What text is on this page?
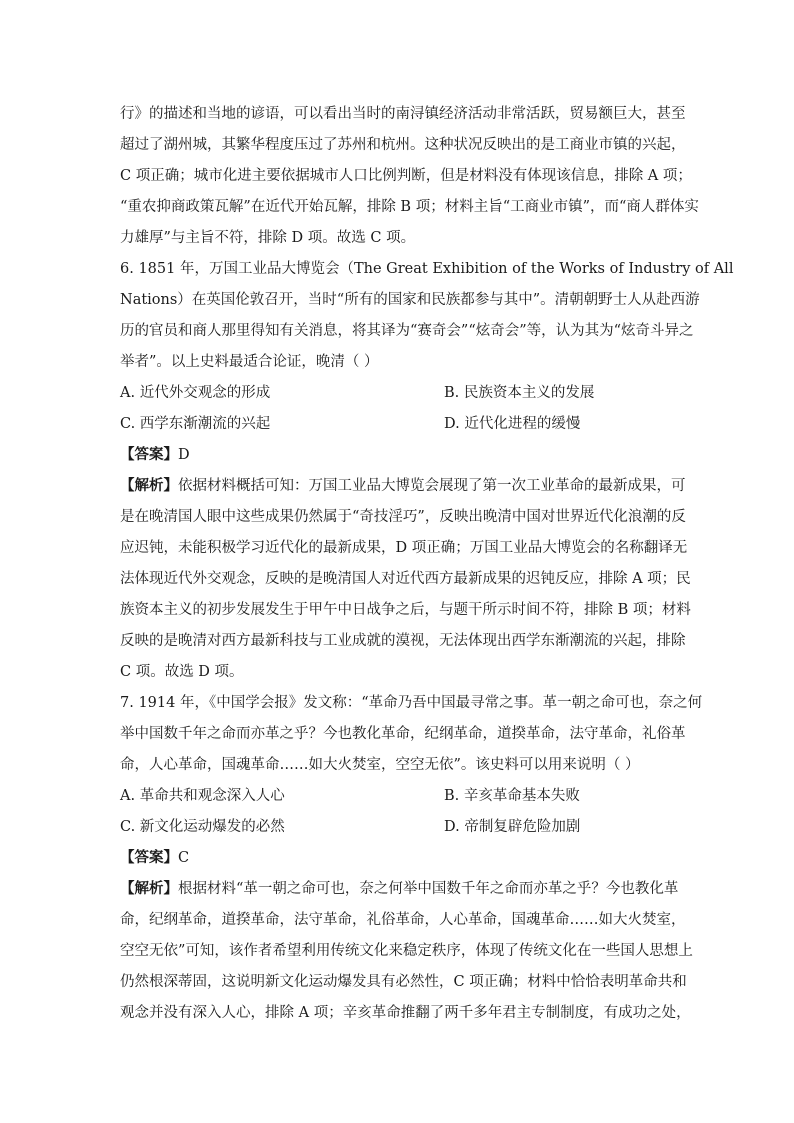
行》的描述和当地的谚语，可以看出当时的南浔镇经济活动非常活跃，贸易额巨大，甚至
超过了湖州城，其繁华程度压过了苏州和杭州。这种状况反映出的是工商业市镇的兴起，
C 项正确；城市化进主要依据城市人口比例判断，但是材料没有体现该信息，排除 A 项；
“重农抑商政策瓦解”在近代开始瓦解，排除 B 项；材料主旨“工商业市镇”，而“商人群体实
力雄厚”与主旨不符，排除 D 项。故选 C 项。
6. 1851 年，万国工业品大博览会（The Great Exhibition of the Works of Industry of All
Nations）在英国伦敦召开，当时“所有的国家和民族都参与其中”。清朝朝野士人从赴西游
历的官员和商人那里得知有关消息，将其译为“赛奇会”“炫奇会”等，认为其为“炫奇斗异之
举者”。以上史料最适合论证，晚清（ ）
A. 近代外交观念的形成	B. 民族资本主义的发展
C. 西学东渐潮流的兴起	D. 近代化进程的缓慢
【答案】D
【解析】依据材料概括可知：万国工业品大博览会展现了第一次工业革命的最新成果，可
是在晚清国人眼中这些成果仍然属于“奇技淫巧”，反映出晚清中国对世界近代化浪潮的反
应迟钝，未能积极学习近代化的最新成果，D 项正确；万国工业品大博览会的名称翻译无
法体现近代外交观念，反映的是晚清国人对近代西方最新成果的迟钝反应，排除 A 项；民
族资本主义的初步发展发生于甲午中日战争之后，与题干所示时间不符，排除 B 项；材料
反映的是晚清对西方最新科技与工业成就的漠视，无法体现出西学东渐潮流的兴起，排除
C 项。故选 D 项。
7. 1914 年，《中国学会报》发文称：“革命乃吾中国最寻常之事。革一朝之命可也，奈之何
举中国数千年之命而亦革之乎？今也教化革命，纪纲革命，道揆革命，法守革命，礼俗革
命，人心革命，国魂革命……如大火焚室，空空无依”。该史料可以用来说明（ ）
A. 革命共和观念深入人心	B. 辛亥革命基本失败
C. 新文化运动爆发的必然	D. 帝制复辟危险加剧
【答案】C
【解析】根据材料“革一朝之命可也，奈之何举中国数千年之命而亦革之乎？今也教化革
命，纪纲革命，道揆革命，法守革命，礼俗革命，人心革命，国魂革命……如大火焚室，
空空无依”可知，该作者希望利用传统文化来稳定秩序，体现了传统文化在一些国人思想上
仍然根深蒂固，这说明新文化运动爆发具有必然性，C 项正确；材料中恰恰表明革命共和
观念并没有深入人心，排除 A 项；辛亥革命推翻了两千多年君主专制制度，有成功之处，
